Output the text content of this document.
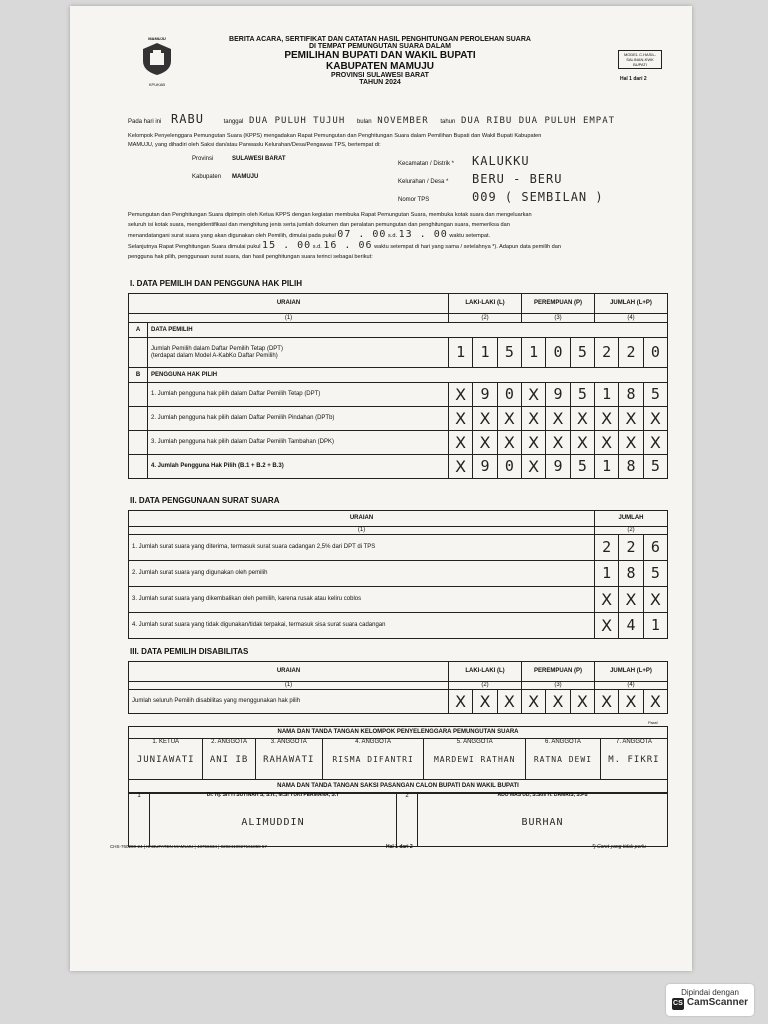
MAMUJU
KPUKAB
BERITA ACARA, SERTIFIKAT DAN CATATAN HASIL PENGHITUNGAN PEROLEHAN SUARA
DI TEMPAT PEMUNGUTAN SUARA DALAM
PEMILIHAN BUPATI DAN WAKIL BUPATI
KABUPATEN MAMUJU
PROVINSI SULAWESI BARAT
TAHUN 2024
MODEL C.HASIL-SALINAN-KWK BUPATI
Hal 1 dari 2
Pada hari ini RABU	tanggal DUA PULUH TUJUH bulan NOVEMBER tahun DUA RIBU DUA PULUH EMPAT
Kelompok Penyelenggara Pemungutan Suara (KPPS) mengadakan Rapat Pemungutan dan Penghitungan Suara dalam Pemilihan Bupati dan Wakil Bupati Kabupaten
MAMUJU, yang dihadiri oleh Saksi dan/atau Panwaslu Kelurahan/Desa/Pengawas TPS, bertempat di:
Provinsi	SULAWESI BARAT
Kabupaten MAMUJU
Kecamatan / Distrik * KALUKKU
Kelurahan / Desa * BERU - BERU
Nomor TPS	009 ( SEMBILAN )
Pemungutan dan Penghitungan Suara dipimpin oleh Ketua KPPS dengan kegiatan membuka Rapat Pemungutan Suara, membuka kotak suara dan mengeluarkan
seluruh isi kotak suara, mengidentifikasi dan menghitung jenis serta jumlah dokumen dan peralatan pemungutan dan penghitungan suara, memeriksa dan
menandatangani surat suara yang akan digunakan oleh Pemilih, dimulai pada pukul 07 . 00 s.d. 13 . 00 waktu setempat.
Selanjutnya Rapat Penghitungan Suara dimulai pukul 15 . 00 s.d. 16 . 06 waktu setempat di hari yang sama / setelahnya *). Adapun data pemilih dan
pengguna hak pilih, penggunaan surat suara, dan hasil penghitungan suara terinci sebagai berikut:
I. DATA PEMILIH DAN PENGGUNA HAK PILIH
URAIAN		LAKI-LAKI (L)			PEREMPUAN (P)			JUMLAH (L+P)		
(1)		(2)			(3)			(4)		
A	DATA PEMILIH									

	Jumlah Pemilih dalam Daftar Pemilih Tetap (DPT)
(terdapat dalam Model A-KabKo Daftar Pemilih)	1	1	5	1	0	5	2	2	0
B	PENGGUNA HAK PILIH									
	1. Jumlah pengguna hak pilih dalam Daftar Pemilih Tetap (DPT)	X	9	0	X	9	5	1	8	5
	2. Jumlah pengguna hak pilih dalam Daftar Pemilih Pindahan (DPTb)	X	X	X	X	X	X	X	X	X
	3. Jumlah pengguna hak pilih dalam Daftar Pemilih Tambahan (DPK)	X	X	X	X	X	X	X	X	X
	4. Jumlah Pengguna Hak Pilih (B.1 + B.2 + B.3)	X	9	0	X	9	5	1	8	5
II. DATA PENGGUNAAN SURAT SUARA
URAIAN	JUMLAH		
(1)	(2)		
1. Jumlah surat suara yang diterima, termasuk surat suara cadangan 2,5% dari DPT di TPS	2	2	6
2. Jumlah surat suara yang digunakan oleh pemilih	1	8	5
3. Jumlah surat suara yang dikembalikan oleh pemilih, karena rusak atau keliru coblos	X	X	X
4. Jumlah surat suara yang tidak digunakan/tidak terpakai, termasuk sisa surat suara cadangan	X	4	1
III. DATA PEMILIH DISABILITAS
URAIAN	LAKI-LAKI (L)			PEREMPUAN (P)			JUMLAH (L+P)		
(1)	(2)			(3)			(4)		
Jumlah seluruh Pemilih disabilitas yang menggunakan hak pilih	X	X	X	X	X	X	X	X	X
Paraf
NAMA DAN TANDA TANGAN KELOMPOK PENYELENGGARA PEMUNGUTAN SUARA

1. KETUA
JUNIAWATI

2. ANGGOTA
ANI IB

3. ANGGOTA
RAHAWATI

4. ANGGOTA
RISMA DIFANTRI

5. ANGGOTA
MARDEWI RATHAN

6. ANGGOTA
RATNA DEWI

7. ANGGOTA
M. FIKRI

NAMA DAN TANDA TANGAN SAKSI PASANGAN CALON BUPATI DAN WAKIL BUPATI
1	Dr. Hj. SITTI SUTINAH S, S.H., M.Si YUKI PERMANA, S.T
ALIMUDDIN
	2	ADO MAS'UD, S.Sos H. DAMRIS, S.Pd
BURHAN
CHS-760200-24 | KABUPATEN MAMUJU | 43756634 | 0202410027161858 57	Hal 1 dari 2	*) Coret yang tidak perlu
Dipindai dengan
CS CamScanner
